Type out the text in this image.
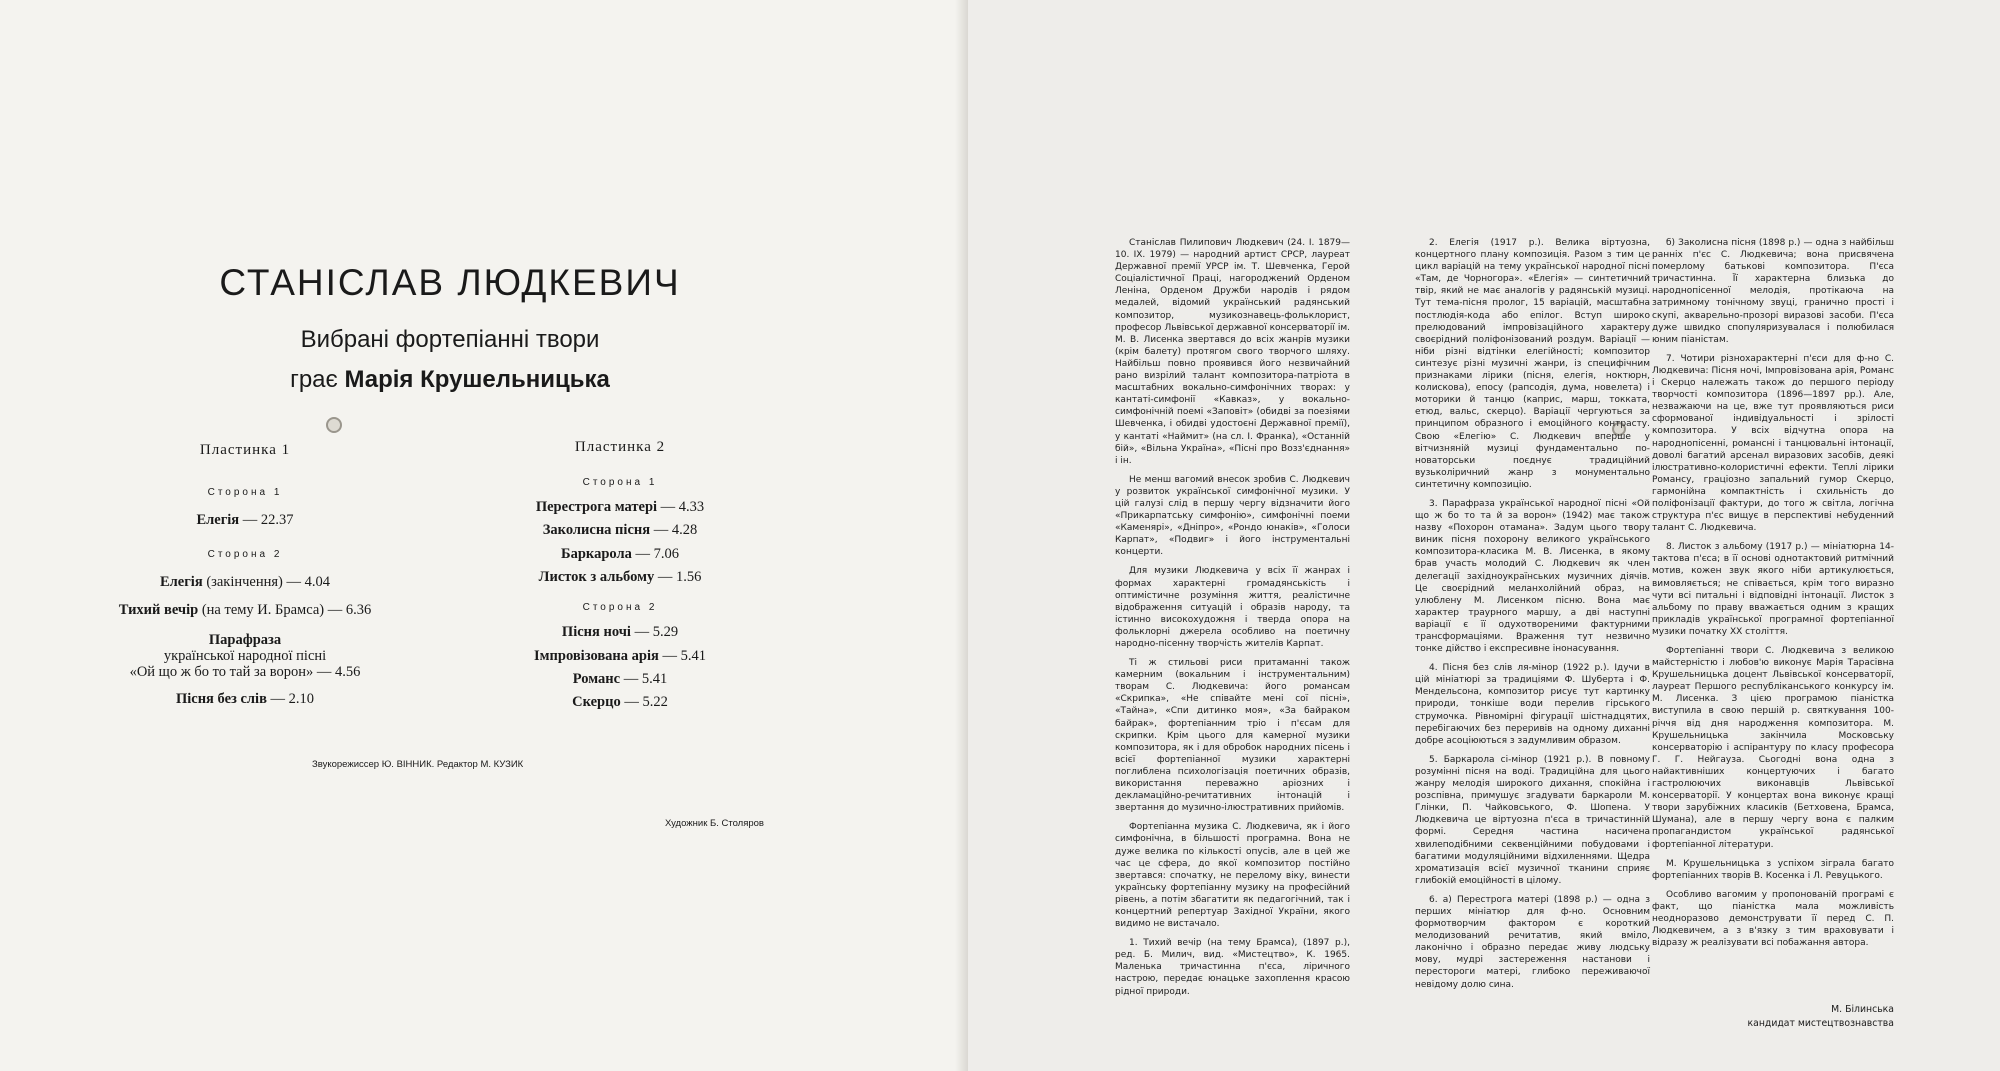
СТАНІСЛАВ ЛЮДКЕВИЧ
Вибрані фортепіанні твори
грає Марія Крушельницька
Пластинка 1
Сторона 1
Елегія — 22.37
Сторона 2
Елегія (закінчення) — 4.04
Тихий вечір (на тему И. Брамса) — 6.36
Парафраза
української народної пісні
«Ой що ж бо то тай за ворон» — 4.56
Пісня без слів — 2.10
Пластинка 2
Сторона 1
Перестрога матері — 4.33
Заколисна пісня — 4.28
Баркарола — 7.06
Листок з альбому — 1.56
Сторона 2
Пісня ночі — 5.29
Імпровізована арія — 5.41
Романс — 5.41
Скерцо — 5.22
Звукорежиссер Ю. ВІННИК. Редактор М. КУЗИК
Художник Б. Столяров

Станіслав Пилипович Людкевич (24. І. 1879—10. ІХ. 1979) — народний артист СРСР, лауреат Державної премії УРСР ім. Т. Шевченка, Герой Соціалістичної Праці, нагороджений Орденом Леніна, Орденом Дружби народів і рядом медалей, відомий український радянський композитор, музикознавець-фольклорист, професор Львівської державної консерваторії ім. М. В. Лисенка звертався до всіх жанрів музики (крім балету) протягом свого творчого шляху. Найбільш повно проявився його незвичайний рано визрілий талант композитора-патріота в масштабних вокально-симфонічних творах: у кантаті-симфонії «Кавказ», у вокально-симфонічній поемі «Заповіт» (обидві за поезіями Шевченка, і обидві удостоєні Державної премії), у кантаті «Наймит» (на сл. І. Франка), «Останній бій», «Вільна Україна», «Пісні про Возз'єднання» і ін.

Не менш вагомий внесок зробив С. Людкевич у розвиток української симфонічної музики. У цій галузі слід в першу чергу відзначити його «Прикарпатську симфонію», симфонічні поеми «Каменярі», «Дніпро», «Рондо юнаків», «Голоси Карпат», «Подвиг» і його інструментальні концерти.

Для музики Людкевича у всіх її жанрах і формах характерні громадянськість і оптимістичне розуміння життя, реалістичне відображення ситуацій і образів народу, та істинно високохудожня і тверда опора на фольклорні джерела особливо на поетичну народно-пісенну творчість жителів Карпат.

Ті ж стильові риси притаманні також камерним (вокальним і інструментальним) творам С. Людкевича: його романсам «Скрипка», «Не співайте мені сої пісні», «Тайна», «Спи дитинко моя», «За байраком байрак», фортепіанним тріо і п'єсам для скрипки. Крім цього для камерної музики композитора, як і для обробок народних пісень і всієї фортепіанної музики характерні поглиблена психологізація поетичних образів, використання переважно аріозних і декламаційно-речитативних інтонацій і звертання до музично-ілюстративних прийомів.

Фортепіанна музика С. Людкевича, як і його симфонічна, в більшості програмна. Вона не дуже велика по кількості опусів, але в цей же час це сфера, до якої композитор постійно звертався: спочатку, не перелому віку, винести українську фортепіанну музику на професійний рівень, а потім збагатити як педагогічний, так і концертний репертуар Західної України, якого видимо не вистачало.

1. Тихий вечір (на тему Брамса), (1897 р.), ред. Б. Милич, вид. «Мистецтво», К. 1965. Маленька тричастинна п'єса, ліричного настрою, передає юнацьке захоплення красою рідної природи.

2. Елегія (1917 р.). Велика віртуозна, концертного плану композиція. Разом з тим це цикл варіацій на тему української народної пісні «Там, де Чорногора». «Елегія» — синтетичний твір, який не має аналогів у радянській музиці. Тут тема-пісня пролог, 15 варіацій, масштабна постлюдія-кода або епілог. Вступ широко прелюдований імпровізаційного характеру своєрідний поліфонізований роздум. Варіації — ніби різні відтінки елегійності; композитор синтезує різні музичні жанри, із специфічним признаками лірики (пісня, елегія, ноктюрн, колискова), епосу (рапсодія, дума, новелета) і моторики й танцю (каприс, марш, токката, етюд, вальс, скерцо). Варіації чергуються за принципом образного і емоційного контрасту. Свою «Елегію» С. Людкевич вперше у вітчизняній музиці фундаментально по-новаторськи поєднує традиційний вузьколіричний жанр з монументально синтетичну композицію.

3. Парафраза української народної пісні «Ой що ж бо то та й за ворон» (1942) має також назву «Похорон отамана». Задум цього твору виник пісня похорону великого українського композитора-класика М. В. Лисенка, в якому брав участь молодий С. Людкевич як член делегації західноукраїнських музичних діячів. Це своєрідний меланхолійний образ, на улюблену М. Лисенком пісню. Вона має характер траурного маршу, а дві наступні варіації є її одухотвореними фактурними трансформаціями. Враження тут незвично тонке дійство і експресивне інонасування.

4. Пісня без слів ля-мінор (1922 р.). Ідучи в цій мініатюрі за традиціями Ф. Шуберта і Ф. Мендельсона, композитор рисує тут картинку природи, тонкіше води перелив гірського струмочка. Рівномірні фігурації шістнадцятих, перебігаючих без переривів на одному диханні добре асоціюються з задумливим образом.

5. Баркарола сі-мінор (1921 р.). В повному розумінні пісня на воді. Традиційна для цього жанру мелодія широкого дихання, спокійна і розспівна, примушує згадувати баркароли М. Глінки, П. Чайковського, Ф. Шопена. У Людкевича це віртуозна п'єса в тричастинній формі. Середня частина насичена хвилеподібними секвенційними побудовами і багатими модуляційними відхиленнями. Щедра хроматизація всієї музичної тканини сприяє глибокій емоційності в цілому.

6. а) Перестрога матері (1898 р.) — одна з перших мініатюр для ф-но. Основним формотворчим фактором є короткий мелодизований речитатив, який вміло, лаконічно і образно передає живу людську мову, мудрі застереження настанови і перестороги матері, глибоко переживаючої невідому долю сина.

б) Заколисна пісня (1898 р.) — одна з найбільш ранніх п'єс С. Людкевича; вона присвячена померлому батькові композитора. П'єса тричастинна. Її характерна близька до народнопісенної мелодія, протікаюча на затримному тонічному звуці, гранично прості і скупі, акварельно-прозорі виразові засоби. П'єса дуже швидко спопуляризувалася і полюбилася юним піаністам.

7. Чотири різнохарактерні п'єси для ф-но С. Людкевича: Пісня ночі, Імпровізована арія, Романс і Скерцо належать також до першого періоду творчості композитора (1896—1897 рр.). Але, незважаючи на це, вже тут проявляються риси сформованої індивідуальності і зрілості композитора. У всіх відчутна опора на народнопісенні, романсні і танцювальні інтонації, доволі багатий арсенал виразових засобів, деякі ілюстративно-колористичні ефекти. Теплі лірики Романсу, граціозно запальний гумор Скерцо, гармонійна компактність і схильність до поліфонізації фактури, до того ж світла, логічна структура п'єс вищує в перспективі небуденний талант С. Людкевича.

8. Листок з альбому (1917 р.) — мініатюрна 14-тактова п'єса; в її основі однотактовий ритмічний мотив, кожен звук якого ніби артикулюється, вимовляється; не співається, крім того виразно чути всі питальні і відповідні інтонації. Листок з альбому по праву вважається одним з кращих прикладів української програмної фортепіанної музики початку XX століття.

Фортепіанні твори С. Людкевича з великою майстерністю і любов'ю виконує Марія Тарасівна Крушельницька доцент Львівської консерваторії, лауреат Першого республіканського конкурсу ім. М. Лисенка. З цією програмою піаністка виступила в свою першій р. святкування 100-річчя від дня народження композитора. М. Крушельницька закінчила Московську консерваторію і аспірантуру по класу професора Г. Г. Нейгауза. Сьогодні вона одна з найактивніших концертуючих і багато гастролюючих виконавців Львівської консерваторії. У концертах вона виконує кращі твори зарубіжних класиків (Бетховена, Брамса, Шумана), але в першу чергу вона є палким пропагандистом української радянської фортепіанної літератури.

М. Крушельницька з успіхом зіграла багато фортепіанних творів В. Косенка і Л. Ревуцького.

Особливо вагомим у пропонованій програмі є факт, що піаністка мала можливість неодноразово демонструвати її перед С. П. Людкевичем, а з в'язку з тим враховувати і відразу ж реалізувати всі побажання автора.

М. Білинська
кандидат мистецтвознавства
